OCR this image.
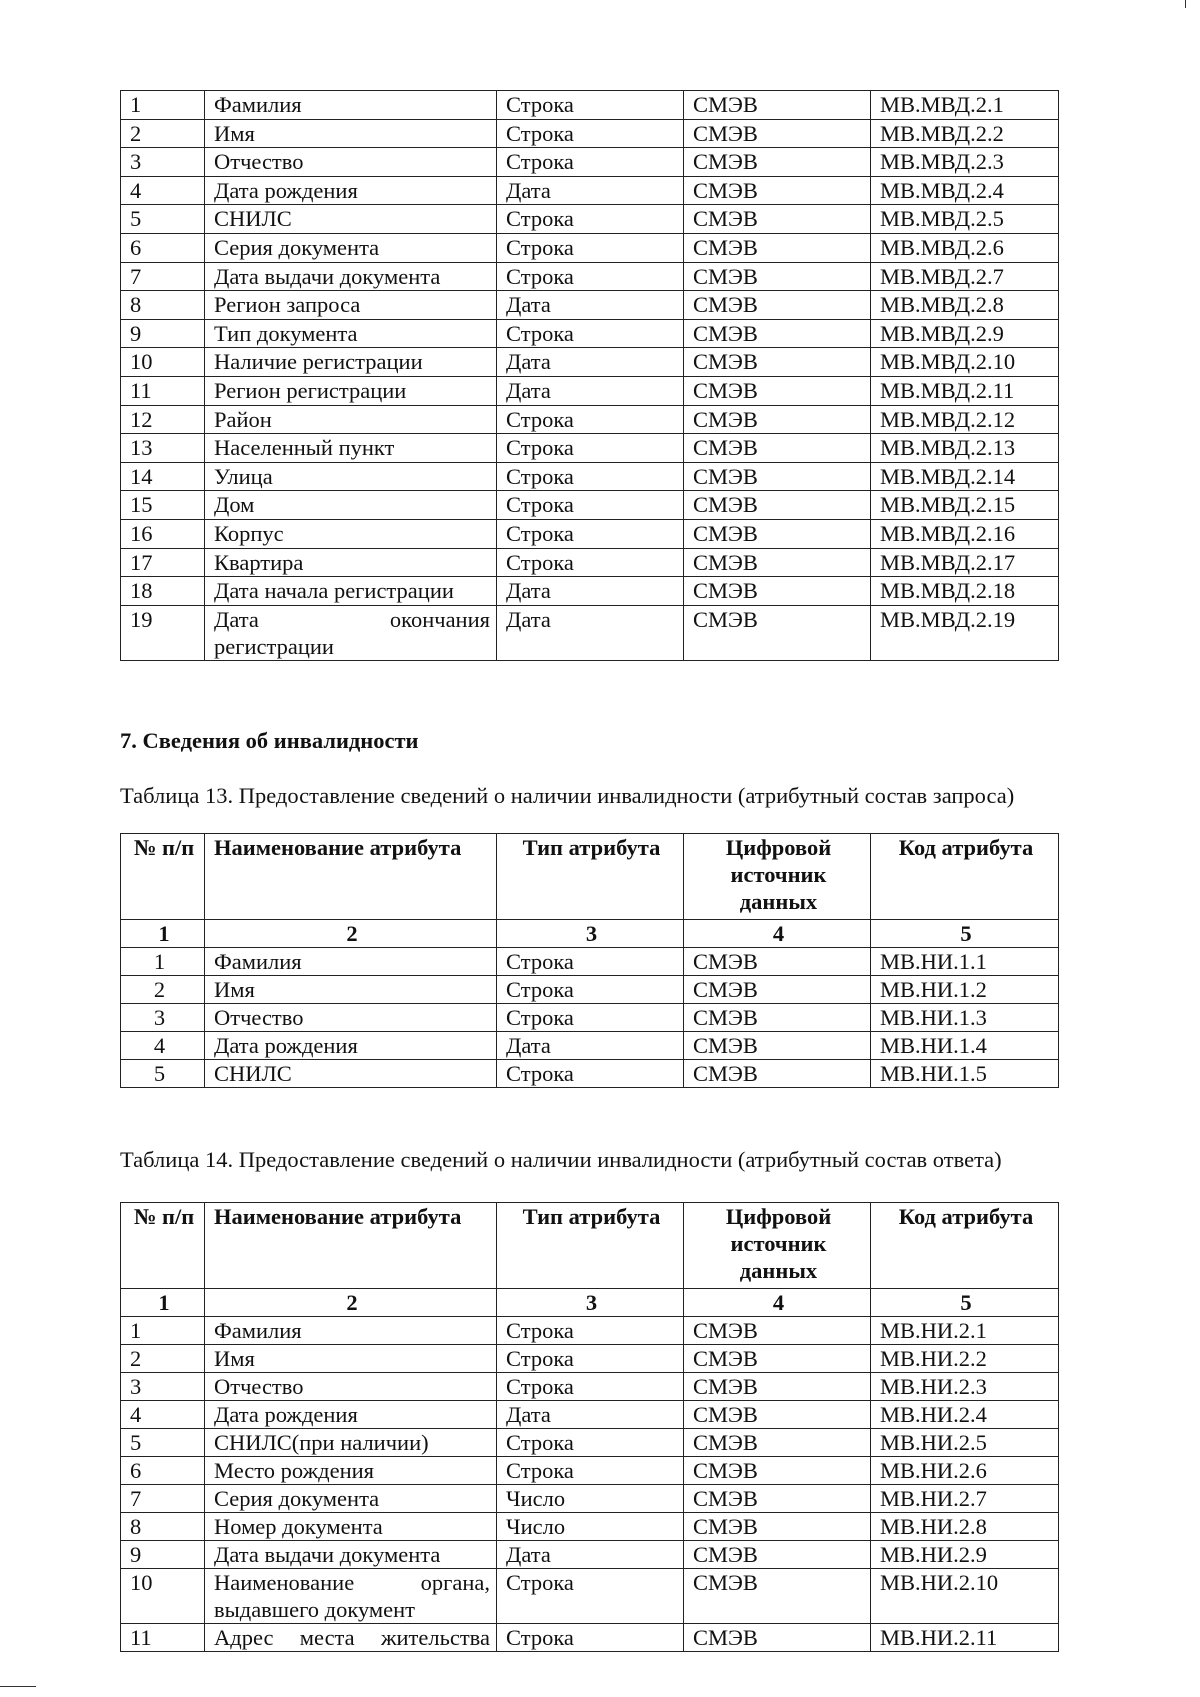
1	Фамилия	Строка	СМЭВ	МВ.МВД.2.1
2	Имя	Строка	СМЭВ	МВ.МВД.2.2
3	Отчество	Строка	СМЭВ	МВ.МВД.2.3
4	Дата рождения	Дата	СМЭВ	МВ.МВД.2.4
5	СНИЛС	Строка	СМЭВ	МВ.МВД.2.5
6	Серия документа	Строка	СМЭВ	МВ.МВД.2.6
7	Дата выдачи документа	Строка	СМЭВ	МВ.МВД.2.7
8	Регион запроса	Дата	СМЭВ	МВ.МВД.2.8
9	Тип документа	Строка	СМЭВ	МВ.МВД.2.9
10	Наличие регистрации	Дата	СМЭВ	МВ.МВД.2.10
11	Регион регистрации	Дата	СМЭВ	МВ.МВД.2.11
12	Район	Строка	СМЭВ	МВ.МВД.2.12
13	Населенный пункт	Строка	СМЭВ	МВ.МВД.2.13
14	Улица	Строка	СМЭВ	МВ.МВД.2.14
15	Дом	Строка	СМЭВ	МВ.МВД.2.15
16	Корпус	Строка	СМЭВ	МВ.МВД.2.16
17	Квартира	Строка	СМЭВ	МВ.МВД.2.17
18	Дата начала регистрации	Дата	СМЭВ	МВ.МВД.2.18
19	Дата окончания
регистрации	Дата	СМЭВ	МВ.МВД.2.19
7. Сведения об инвалидности

Таблица 13. Предоставление сведений о наличии инвалидности (атрибутный состав запроса)

№ п/п	Наименование атрибута	Тип атрибута	Цифровой источник данных	Код атрибута
1	2	3	4	5
1	Фамилия	Строка	СМЭВ	МВ.НИ.1.1
2	Имя	Строка	СМЭВ	МВ.НИ.1.2
3	Отчество	Строка	СМЭВ	МВ.НИ.1.3
4	Дата рождения	Дата	СМЭВ	МВ.НИ.1.4
5	СНИЛС	Строка	СМЭВ	МВ.НИ.1.5

Таблица 14. Предоставление сведений о наличии инвалидности (атрибутный состав ответа)

№ п/п	Наименование атрибута	Тип атрибута	Цифровой источник данных	Код атрибута
1	2	3	4	5
1	Фамилия	Строка	СМЭВ	МВ.НИ.2.1
2	Имя	Строка	СМЭВ	МВ.НИ.2.2
3	Отчество	Строка	СМЭВ	МВ.НИ.2.3
4	Дата рождения	Дата	СМЭВ	МВ.НИ.2.4
5	СНИЛС(при наличии)	Строка	СМЭВ	МВ.НИ.2.5
6	Место рождения	Строка	СМЭВ	МВ.НИ.2.6
7	Серия документа	Число	СМЭВ	МВ.НИ.2.7
8	Номер документа	Число	СМЭВ	МВ.НИ.2.8
9	Дата выдачи документа	Дата	СМЭВ	МВ.НИ.2.9
10	Наименование органа,
выдавшего документ	Строка	СМЭВ	МВ.НИ.2.10
11	Адрес места жительства	Строка	СМЭВ	МВ.НИ.2.11
